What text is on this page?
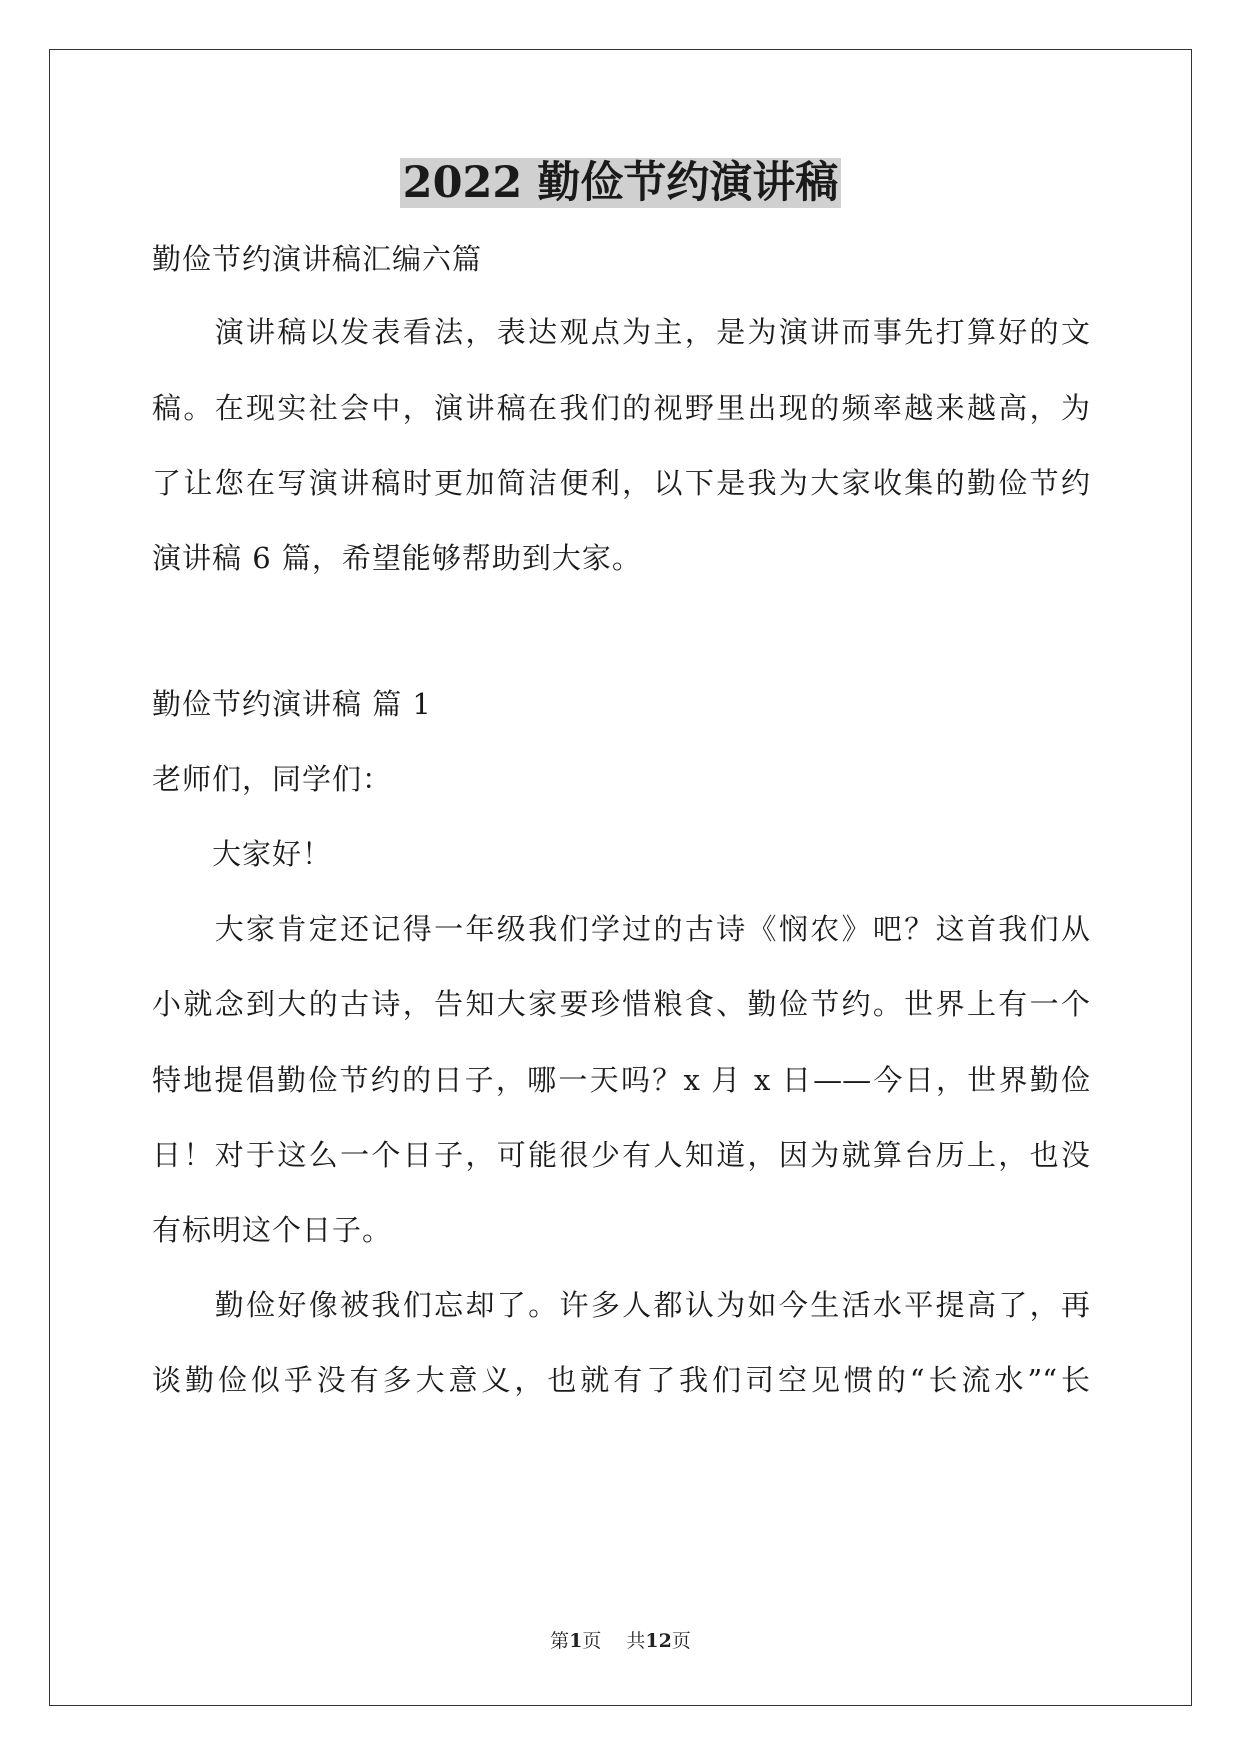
2022 勤俭节约演讲稿
勤俭节约演讲稿汇编六篇
　　演讲稿以发表看法，表达观点为主，是为演讲而事先打算好的文
稿。在现实社会中，演讲稿在我们的视野里出现的频率越来越高，为
了让您在写演讲稿时更加简洁便利，以下是我为大家收集的勤俭节约
演讲稿 6 篇，希望能够帮助到大家。
勤俭节约演讲稿 篇 1
老师们，同学们：
　　大家好！
　　大家肯定还记得一年级我们学过的古诗《悯农》吧？这首我们从
小就念到大的古诗，告知大家要珍惜粮食、勤俭节约。世界上有一个
特地提倡勤俭节约的日子，哪一天吗？x 月 x 日——今日，世界勤俭
日！对于这么一个日子，可能很少有人知道，因为就算台历上，也没
有标明这个日子。
　　勤俭好像被我们忘却了。许多人都认为如今生活水平提高了，再
谈勤俭似乎没有多大意义，也就有了我们司空见惯的“长流水”“长
第1页 　 共12页
